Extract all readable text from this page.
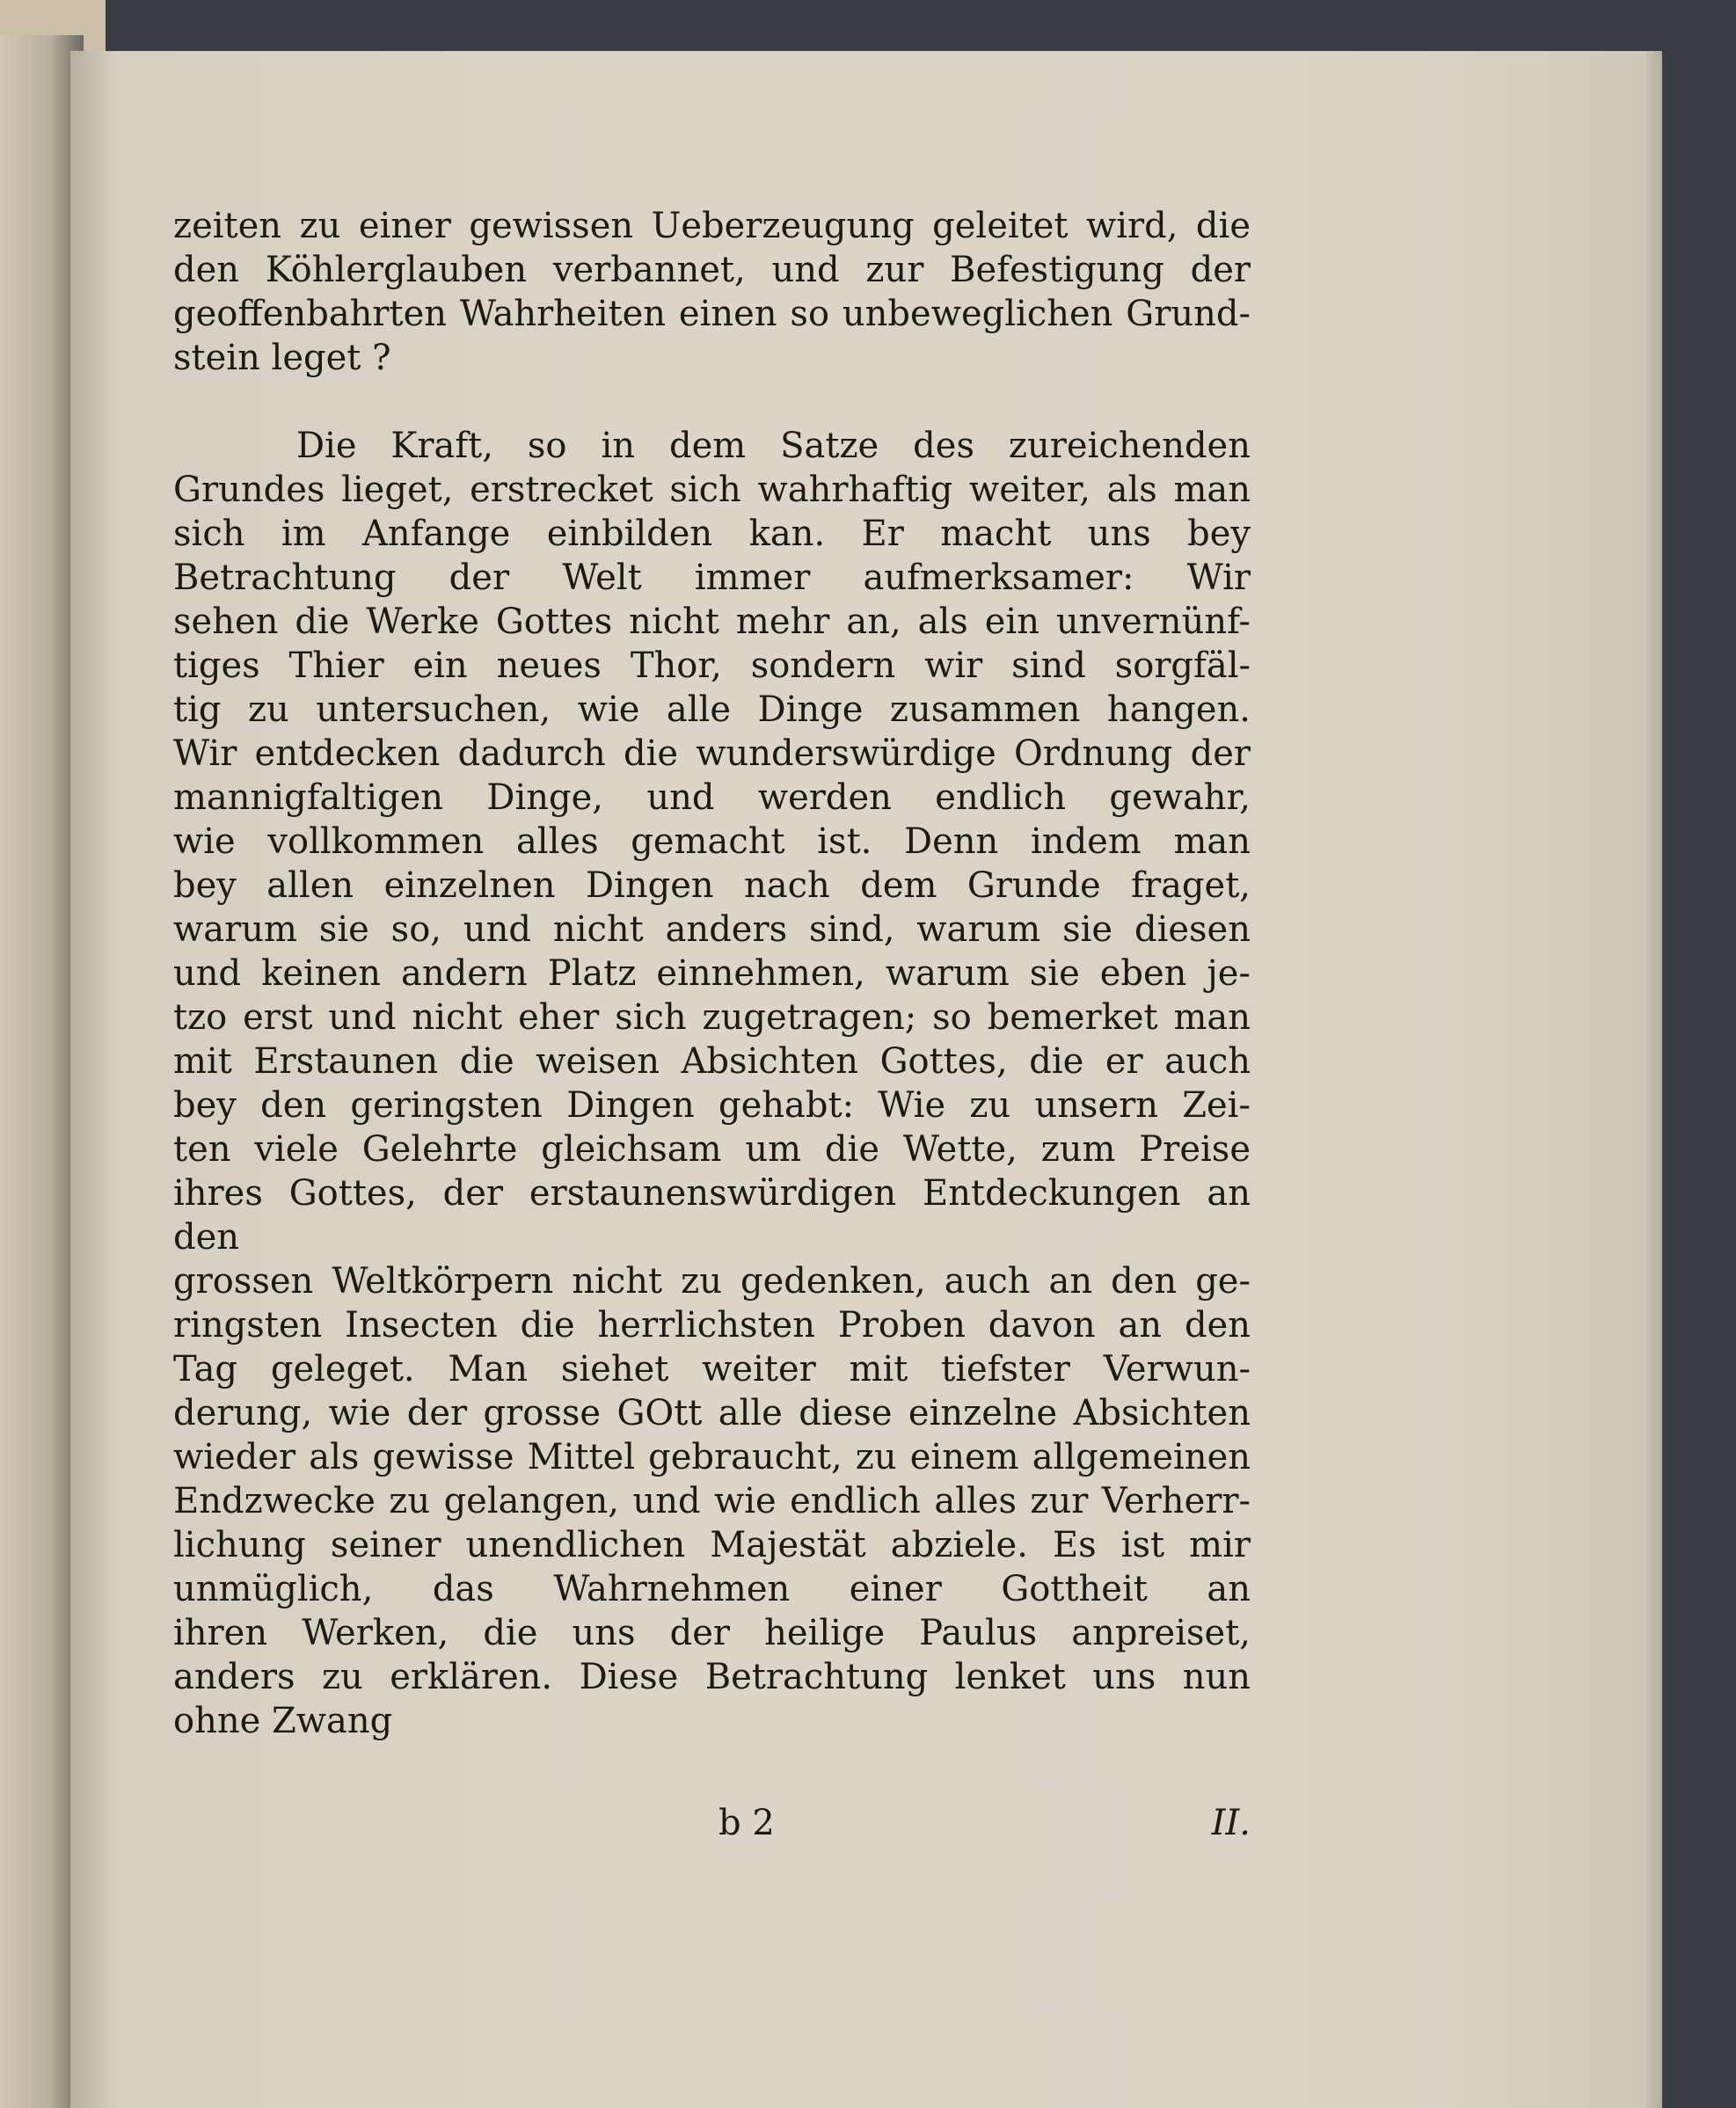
zeiten zu einer gewissen Ueberzeugung geleitet wird, die

den Köhlerglauben verbannet, und zur Befestigung der

geoffenbahrten Wahrheiten einen so unbeweglichen Grund-

stein leget ?

Die Kraft, so in dem Satze des zureichenden

Grundes lieget, erstrecket sich wahrhaftig weiter, als man

sich im Anfange einbilden kan. Er macht uns bey

Betrachtung der Welt immer aufmerksamer: Wir

sehen die Werke Gottes nicht mehr an, als ein unvernünf-

tiges Thier ein neues Thor, sondern wir sind sorgfäl-

tig zu untersuchen, wie alle Dinge zusammen hangen.

Wir entdecken dadurch die wunderswürdige Ordnung der

mannigfaltigen Dinge, und werden endlich gewahr,

wie vollkommen alles gemacht ist. Denn indem man

bey allen einzelnen Dingen nach dem Grunde fraget,

warum sie so, und nicht anders sind, warum sie diesen

und keinen andern Platz einnehmen, warum sie eben je-

tzo erst und nicht eher sich zugetragen; so bemerket man

mit Erstaunen die weisen Absichten Gottes, die er auch

bey den geringsten Dingen gehabt: Wie zu unsern Zei-

ten viele Gelehrte gleichsam um die Wette, zum Preise

ihres Gottes, der erstaunenswürdigen Entdeckungen an den

grossen Weltkörpern nicht zu gedenken, auch an den ge-

ringsten Insecten die herrlichsten Proben davon an den

Tag geleget. Man siehet weiter mit tiefster Verwun-

derung, wie der grosse GOtt alle diese einzelne Absichten

wieder als gewisse Mittel gebraucht, zu einem allgemeinen

Endzwecke zu gelangen, und wie endlich alles zur Verherr-

lichung seiner unendlichen Majestät abziele. Es ist mir

unmüglich, das Wahrnehmen einer Gottheit an

ihren Werken, die uns der heilige Paulus anpreiset,

anders zu erklären. Diese Betrachtung lenket uns nun

ohne Zwang

b 2	II.
